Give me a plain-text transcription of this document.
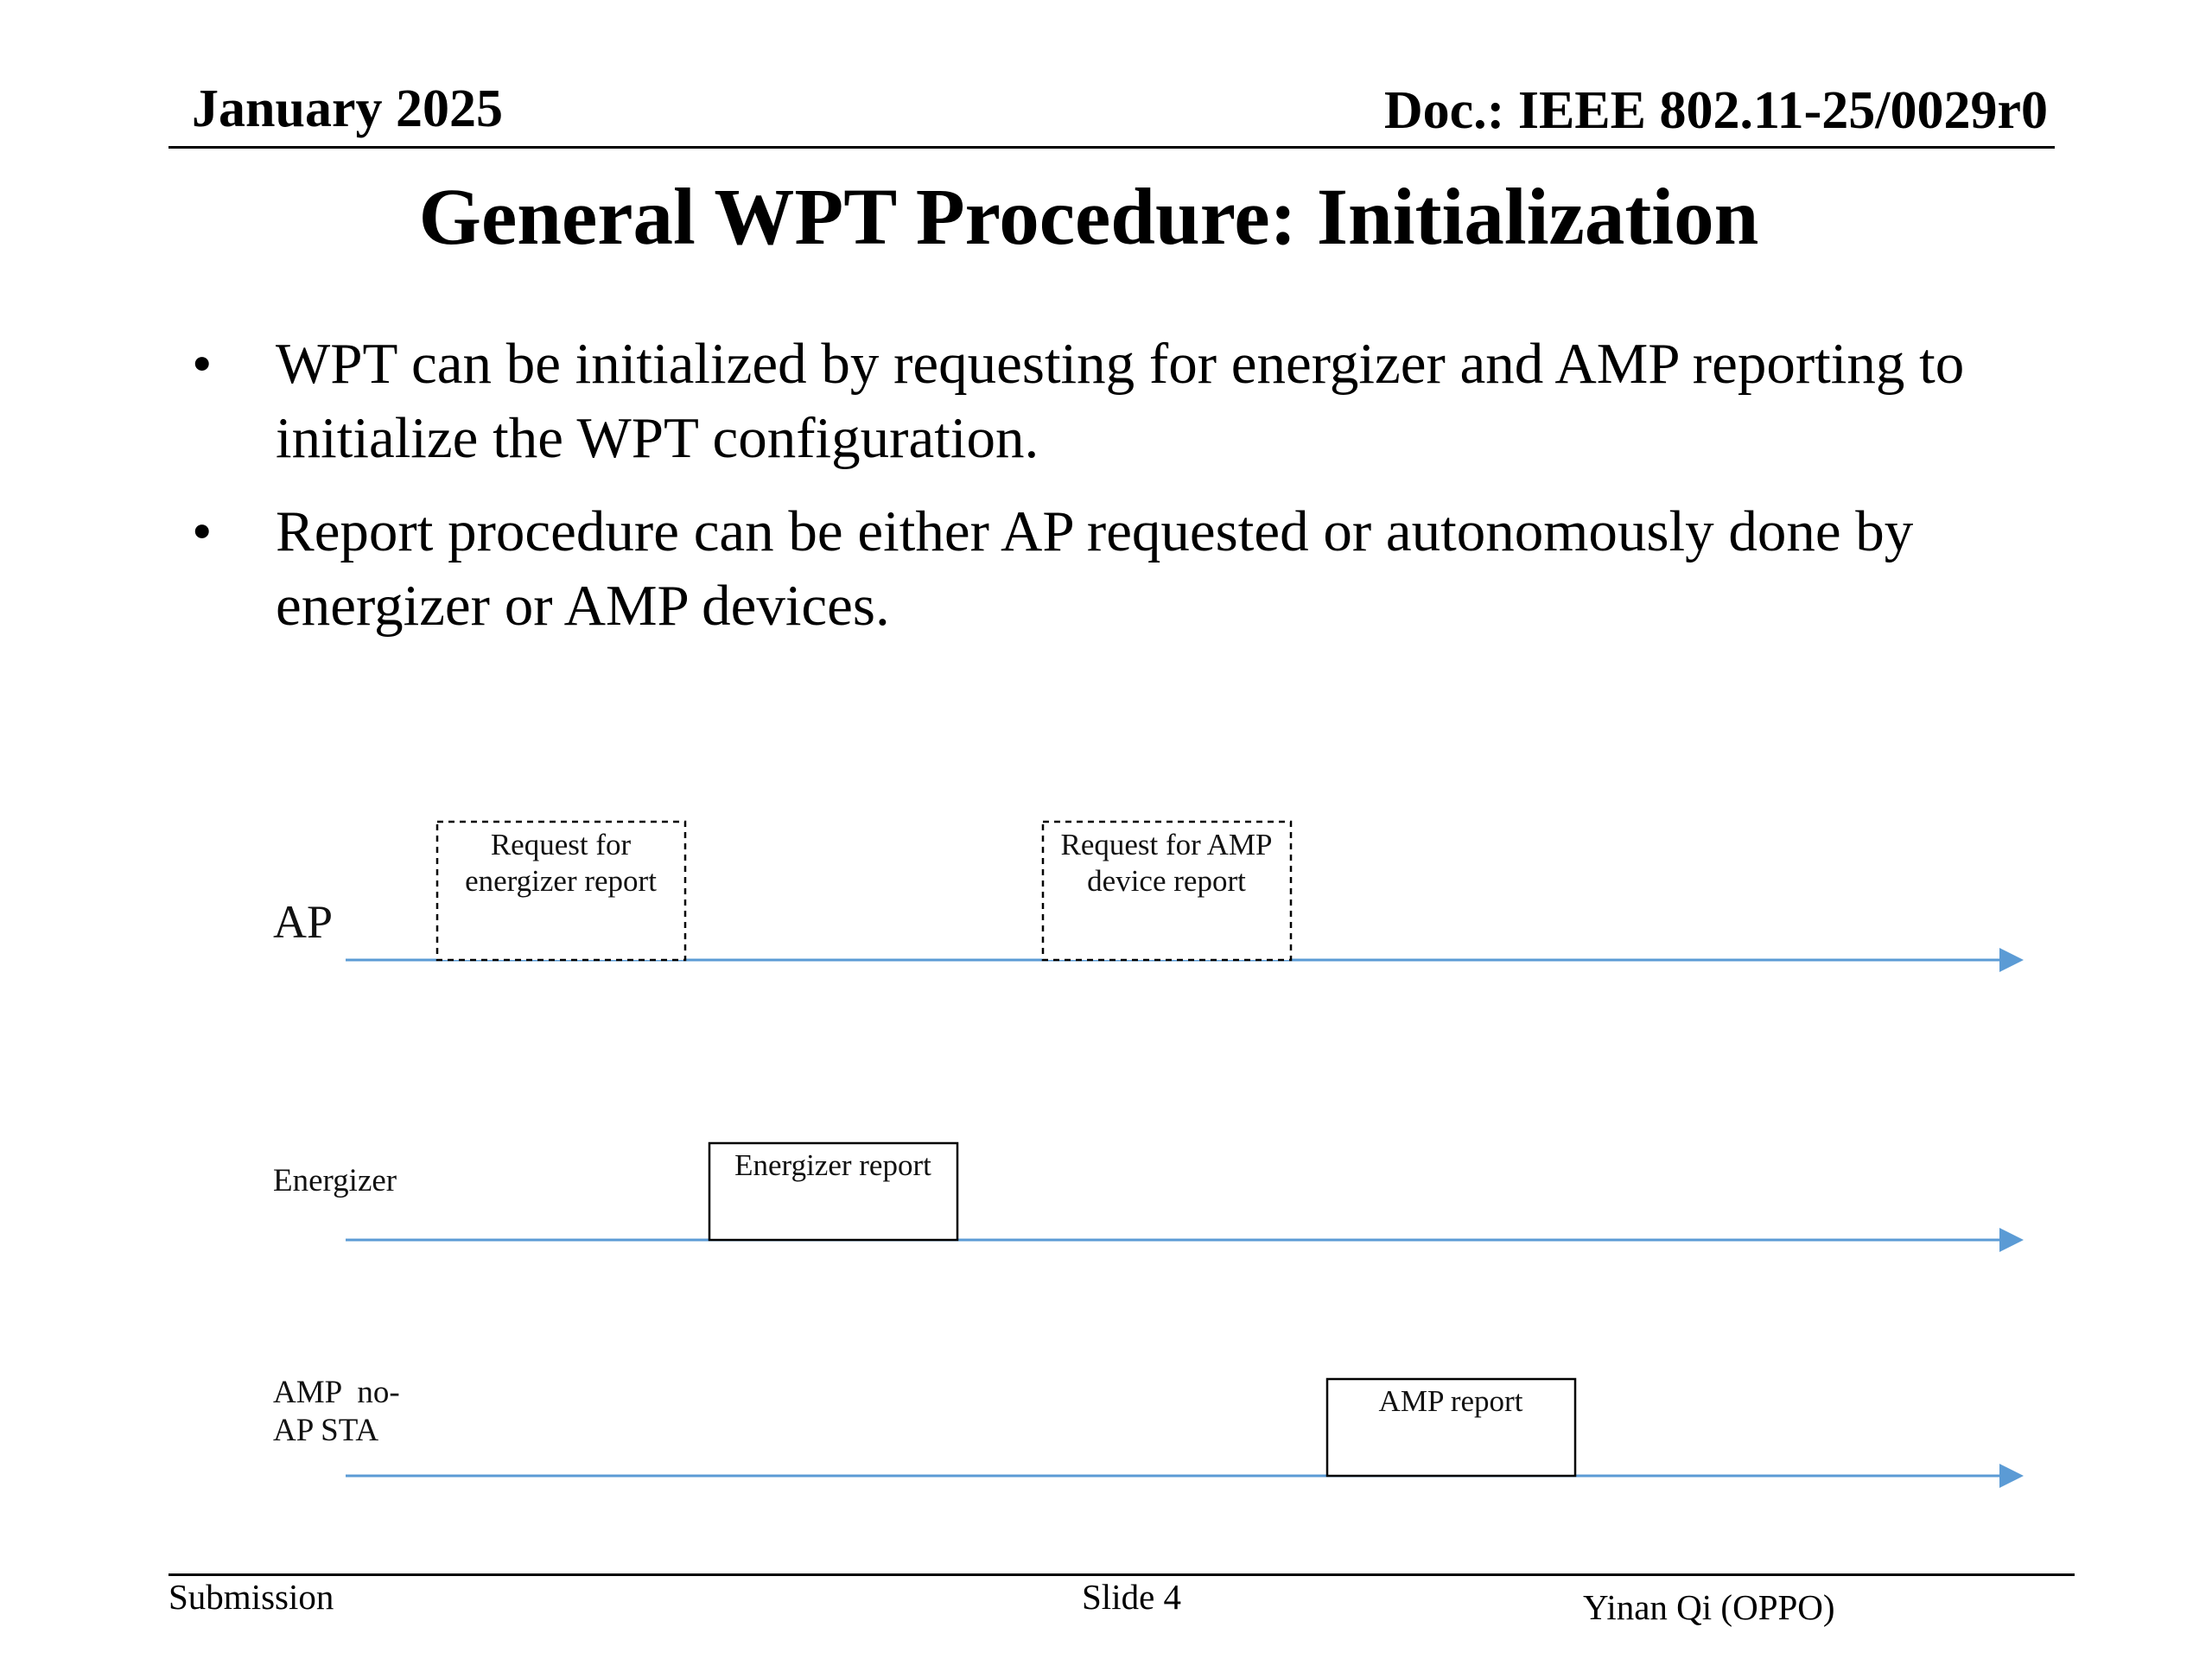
January 2025	Doc.: IEEE 802.11-25/0029r0
General WPT Procedure: Initialization
• WPT can be initialized by requesting for energizer and AMP reporting to initialize the WPT configuration.
• Report procedure can be either AP requested or autonomously done by energizer or AMP devices.
AP
Energizer
AMP  no-
AP STA
Request for
energizer report
Request for AMP
device report
Energizer report
AMP report
Submission	Slide 4	Yinan Qi (OPPO)
